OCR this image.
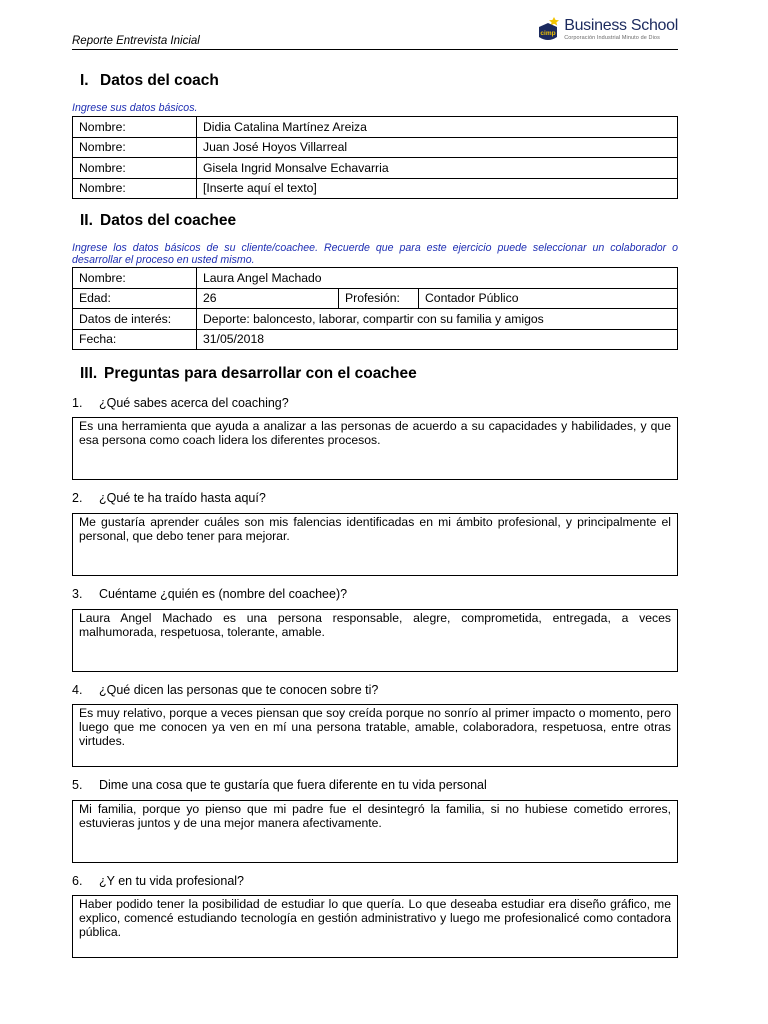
Reporte Entrevista Inicial
cimp Business School
Corporación Industrial Minuto de Dios
I. Datos del coach
Ingrese sus datos básicos.
Nombre:	Didia Catalina Martínez Areiza
Nombre:	Juan José Hoyos Villarreal
Nombre:	Gisela Ingrid Monsalve Echavarria
Nombre:	[Inserte aquí el texto]
II. Datos del coachee
Ingrese los datos básicos de su cliente/coachee. Recuerde que para este ejercicio puede seleccionar un colaborador o desarrollar el proceso en usted mismo.
Nombre:	Laura Angel Machado		
Edad:	26	Profesión:	Contador Público
Datos de interés:	Deporte: baloncesto, laborar, compartir con su familia y amigos		
Fecha:	31/05/2018		
III. Preguntas para desarrollar con el coachee
1. ¿Qué sabes acerca del coaching?
Es una herramienta que ayuda a analizar a las personas de acuerdo a su capacidades y habilidades, y que esa persona como coach lidera los diferentes procesos.
2. ¿Qué te ha traído hasta aquí?
Me gustaría aprender cuáles son mis falencias identificadas en mi ámbito profesional, y principalmente el personal, que debo tener para mejorar.
3. Cuéntame ¿quién es (nombre del coachee)?
Laura Angel Machado es una persona responsable, alegre, comprometida, entregada, a veces malhumorada, respetuosa, tolerante, amable.
4. ¿Qué dicen las personas que te conocen sobre ti?
Es muy relativo, porque a veces piensan que soy creída porque no sonrío al primer impacto o momento, pero luego que me conocen ya ven en mí una persona tratable, amable, colaboradora, respetuosa, entre otras virtudes.
5. Dime una cosa que te gustaría que fuera diferente en tu vida personal
Mi familia, porque yo pienso que mi padre fue el desintegró la familia, si no hubiese cometido errores, estuvieras juntos y de una mejor manera afectivamente.
6. ¿Y en tu vida profesional?
Haber podido tener la posibilidad de estudiar lo que quería. Lo que deseaba estudiar era diseño gráfico, me explico, comencé estudiando tecnología en gestión administrativo y luego me profesionalicé como contadora pública.
